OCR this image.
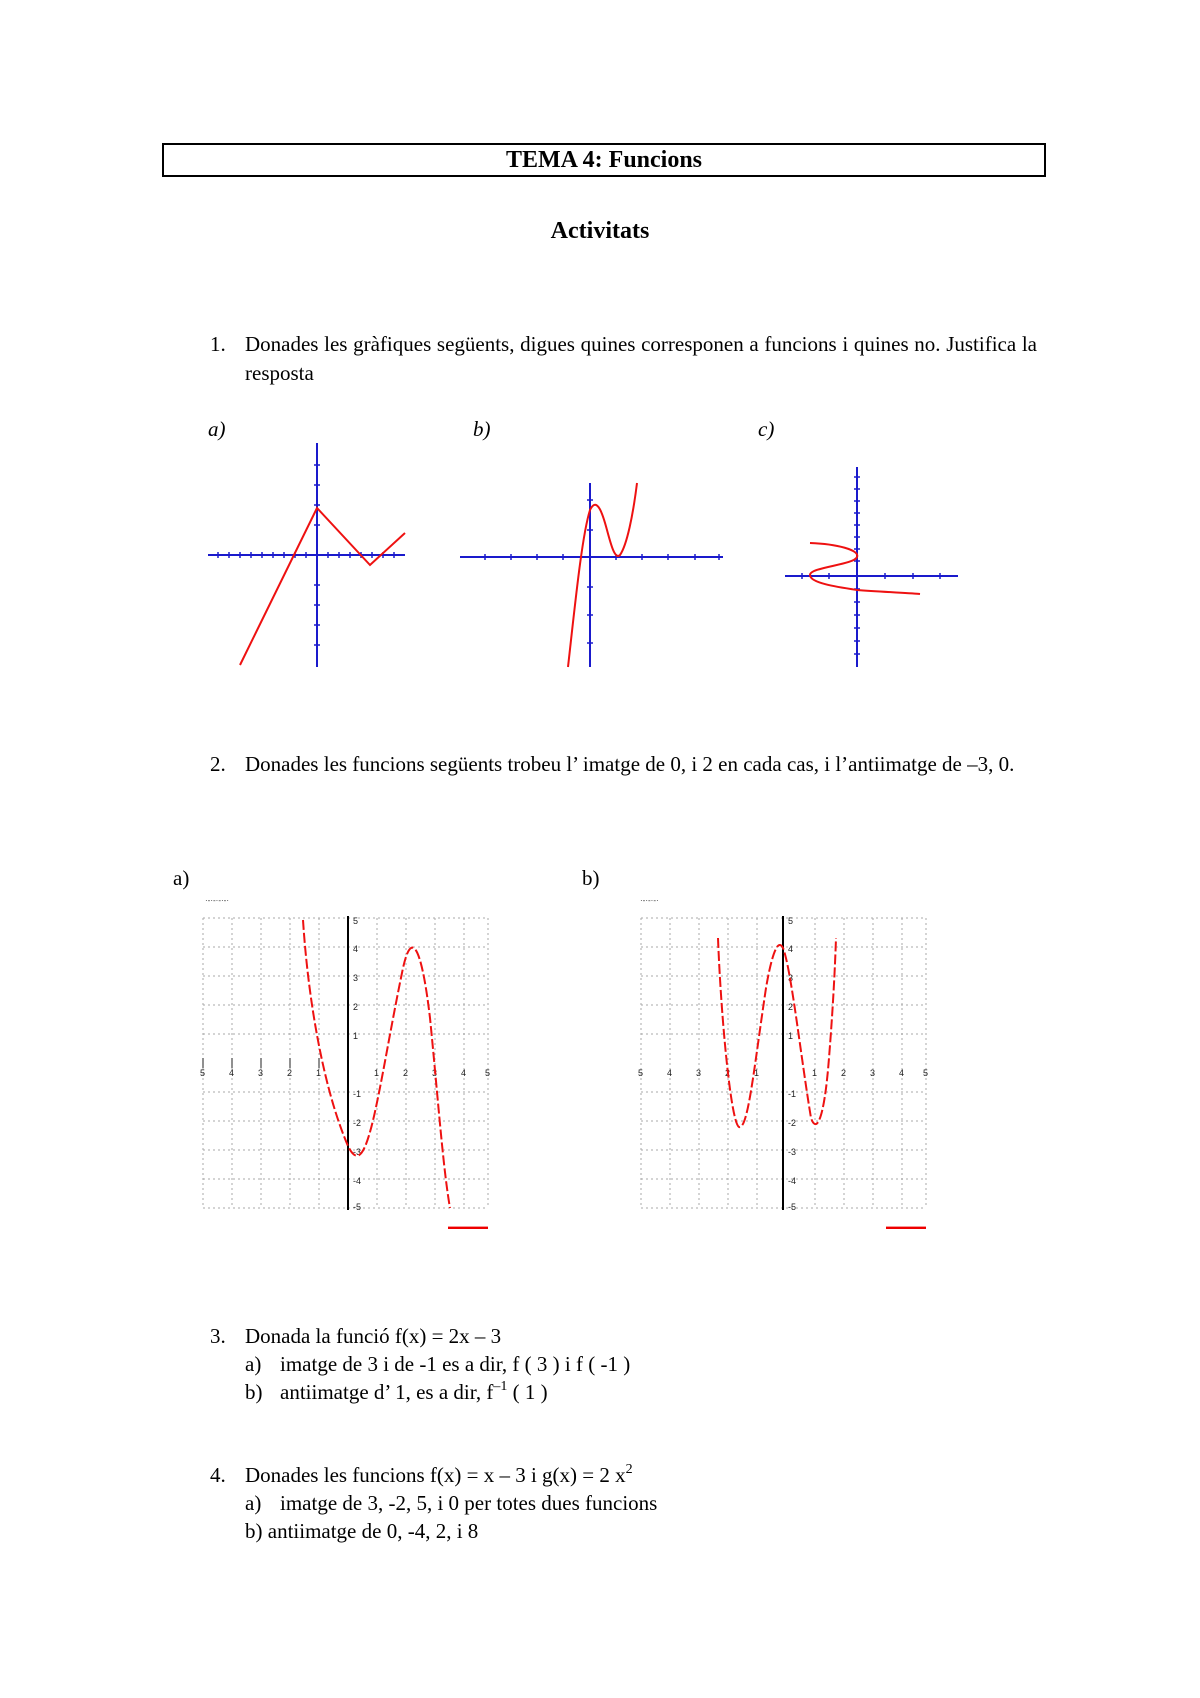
TEMA 4: Funcions
Activitats
1. Donades les gràfiques següents, digues quines corresponen a funcions i quines no. Justifica la resposta
a)	b)	c)
2. Donades les funcions següents trobeu l’ imatge de 0, i 2 en cada cas, i l’antiimatge de –3, 0.
a)	b)
·-·-·-·-·	·-·-·-·
5	4	3	2	1	1	2	3	4 5
5
4
3
2
1
-1
-2
-3
-4
-5
▬▬▬▬▬
5	4	3	2	1	1	2	3	4 5
5
4
3
2
1
-1
-2
-3
-4
-5
▬▬▬▬▬
3. Donada la funció f(x) = 2x – 3
a) imatge de 3 i de -1 es a dir, f ( 3 ) i f ( -1 )
b) antiimatge d’ 1, es a dir, $f^{-1}$ ( 1 )
4. Donades les funcions f(x) = x – 3 i g(x) = 2 $x^2$
a) imatge de 3, -2, 5, i 0 per totes dues funcions
b) antiimatge de 0, -4, 2, i 8
